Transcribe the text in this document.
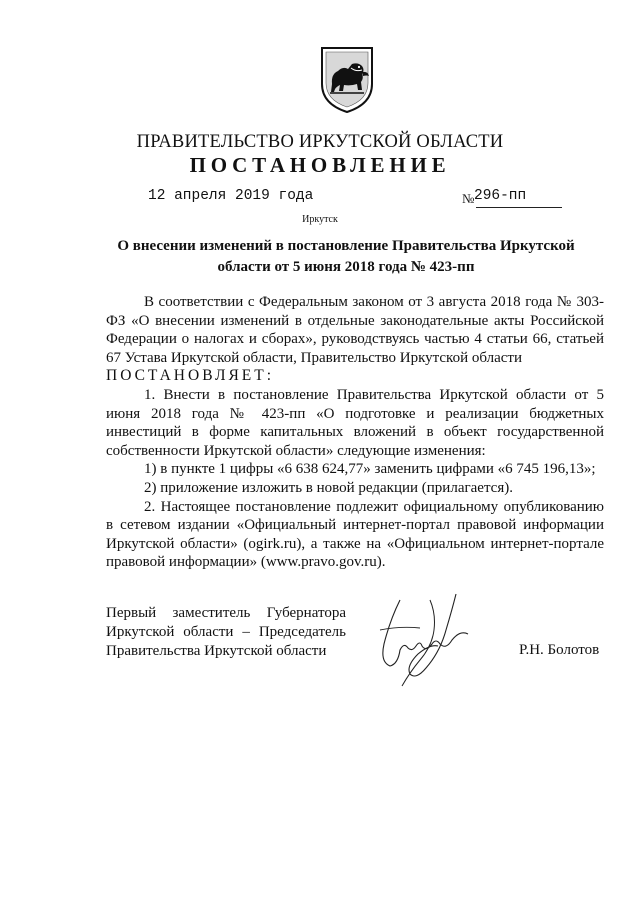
ПРАВИТЕЛЬСТВО ИРКУТСКОЙ ОБЛАСТИ
ПОСТАНОВЛЕНИЕ
12 апреля 2019 года	№ 296-пп
Иркутск
О внесении изменений в постановление Правительства Иркутской
области от 5 июня 2018 года № 423-пп

В соответствии с Федеральным законом от 3 августа 2018 года № 303-ФЗ «О внесении изменений в отдельные законодательные акты Российской Федерации о налогах и сборах», руководствуясь частью 4 статьи 66, статьей 67 Устава Иркутской области, Правительство Иркутской области

ПОСТАНОВЛЯЕТ:

1. Внести в постановление Правительства Иркутской области от 5 июня 2018 года № 423-пп «О подготовке и реализации бюджетных инвестиций в форме капитальных вложений в объект государственной собственности Иркутской области» следующие изменения:

1) в пункте 1 цифры «6 638 624,77» заменить цифрами «6 745 196,13»;

2) приложение изложить в новой редакции (прилагается).

2. Настоящее постановление подлежит официальному опубликованию в сетевом издании «Официальный интернет-портал правовой информации Иркутской области» (ogirk.ru), а также на «Официальном интернет-портале правовой информации» (www.pravo.gov.ru).

Первый заместитель Губернатора
Иркутской области – Председатель
Правительства Иркутской области	Р.Н. Болотов
